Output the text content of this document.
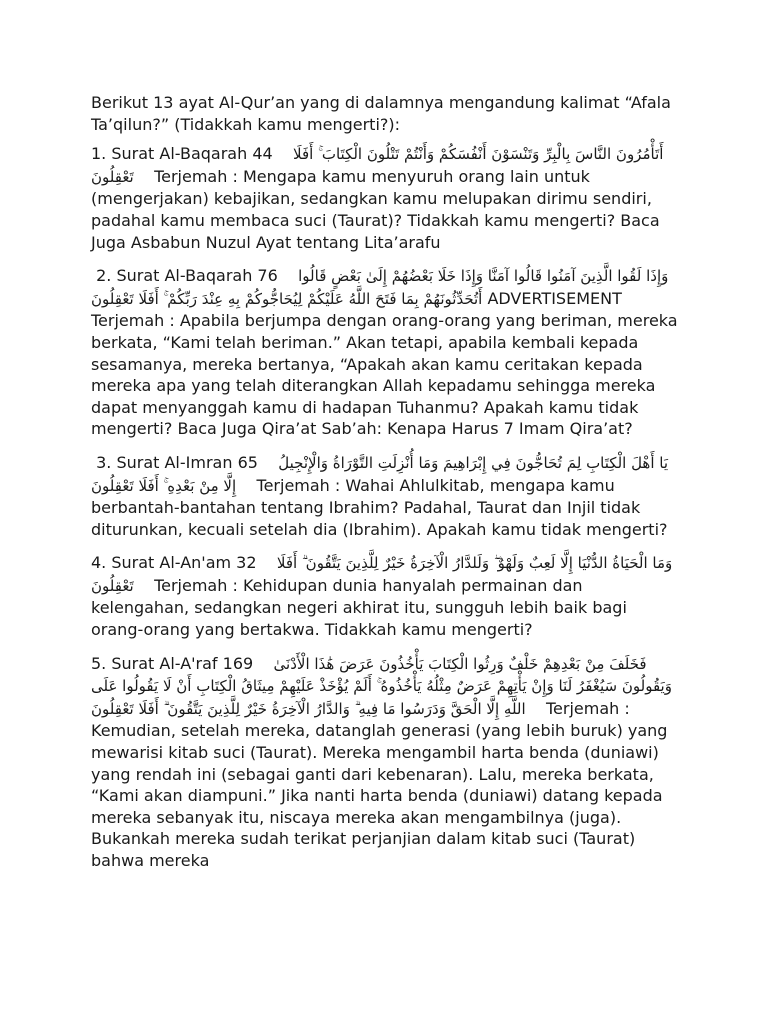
Berikut 13 ayat Al-Qur’an yang di dalamnya mengandung kalimat “Afala Ta’qilun?” (Tidakkah kamu mengerti?):

1. Surat Al-Baqarah 44 أَتَأْمُرُونَ النَّاسَ بِالْبِرِّ وَتَنْسَوْنَ أَنْفُسَكُمْ وَأَنْتُمْ تَتْلُونَ الْكِتَابَ ۚ أَفَلَا تَعْقِلُونَ Terjemah : Mengapa kamu menyuruh orang lain untuk (mengerjakan) kebajikan, sedangkan kamu melupakan dirimu sendiri, padahal kamu membaca suci (Taurat)? Tidakkah kamu mengerti? Baca Juga Asbabun Nuzul Ayat tentang Lita’arafu

2. Surat Al-Baqarah 76 وَإِذَا لَقُوا الَّذِينَ آمَنُوا قَالُوا آمَنَّا وَإِذَا خَلَا بَعْضُهُمْ إِلَىٰ بَعْضٍ قَالُوا أَتُحَدِّثُونَهُمْ بِمَا فَتَحَ اللَّهُ عَلَيْكُمْ لِيُحَاجُّوكُمْ بِهِ عِنْدَ رَبِّكُمْ ۚ أَفَلَا تَعْقِلُونَ ADVERTISEMENT   Terjemah : Apabila berjumpa dengan orang-orang yang beriman, mereka berkata, “Kami telah beriman.” Akan tetapi, apabila kembali kepada sesamanya, mereka bertanya, “Apakah akan kamu ceritakan kepada mereka apa yang telah diterangkan Allah kepadamu sehingga mereka dapat menyanggah kamu di hadapan Tuhanmu? Apakah kamu tidak mengerti? Baca Juga Qira’at Sab’ah: Kenapa Harus 7 Imam Qira’at?

3. Surat Al-Imran 65 يَا أَهْلَ الْكِتَابِ لِمَ تُحَاجُّونَ فِي إِبْرَاهِيمَ وَمَا أُنْزِلَتِ التَّوْرَاةُ وَالْإِنْجِيلُ إِلَّا مِنْ بَعْدِهِ ۚ أَفَلَا تَعْقِلُونَ Terjemah : Wahai Ahlulkitab, mengapa kamu berbantah-bantahan tentang Ibrahim? Padahal, Taurat dan Injil tidak diturunkan, kecuali setelah dia (Ibrahim). Apakah kamu tidak mengerti?

4. Surat Al-An'am 32 وَمَا الْحَيَاةُ الدُّنْيَا إِلَّا لَعِبٌ وَلَهْوٌ ۖ وَلَلدَّارُ الْآخِرَةُ خَيْرٌ لِلَّذِينَ يَتَّقُونَ ۗ أَفَلَا تَعْقِلُونَ Terjemah : Kehidupan dunia hanyalah permainan dan kelengahan, sedangkan negeri akhirat itu, sungguh lebih baik bagi orang-orang yang bertakwa. Tidakkah kamu mengerti?

5. Surat Al-A'raf 169 فَخَلَفَ مِنْ بَعْدِهِمْ خَلْفٌ وَرِثُوا الْكِتَابَ يَأْخُذُونَ عَرَضَ هَٰذَا الْأَدْنَىٰ وَيَقُولُونَ سَيُغْفَرُ لَنَا وَإِنْ يَأْتِهِمْ عَرَضٌ مِثْلُهُ يَأْخُذُوهُ ۚ أَلَمْ يُؤْخَذْ عَلَيْهِمْ مِيثَاقُ الْكِتَابِ أَنْ لَا يَقُولُوا عَلَى اللَّهِ إِلَّا الْحَقَّ وَدَرَسُوا مَا فِيهِ ۗ وَالدَّارُ الْآخِرَةُ خَيْرٌ لِلَّذِينَ يَتَّقُونَ ۗ أَفَلَا تَعْقِلُونَ Terjemah : Kemudian, setelah mereka, datanglah generasi (yang lebih buruk) yang mewarisi kitab suci (Taurat). Mereka mengambil harta benda (duniawi) yang rendah ini (sebagai ganti dari kebenaran). Lalu, mereka berkata, “Kami akan diampuni.” Jika nanti harta benda (duniawi) datang kepada mereka sebanyak itu, niscaya mereka akan mengambilnya (juga). Bukankah mereka sudah terikat perjanjian dalam kitab suci (Taurat) bahwa mereka
